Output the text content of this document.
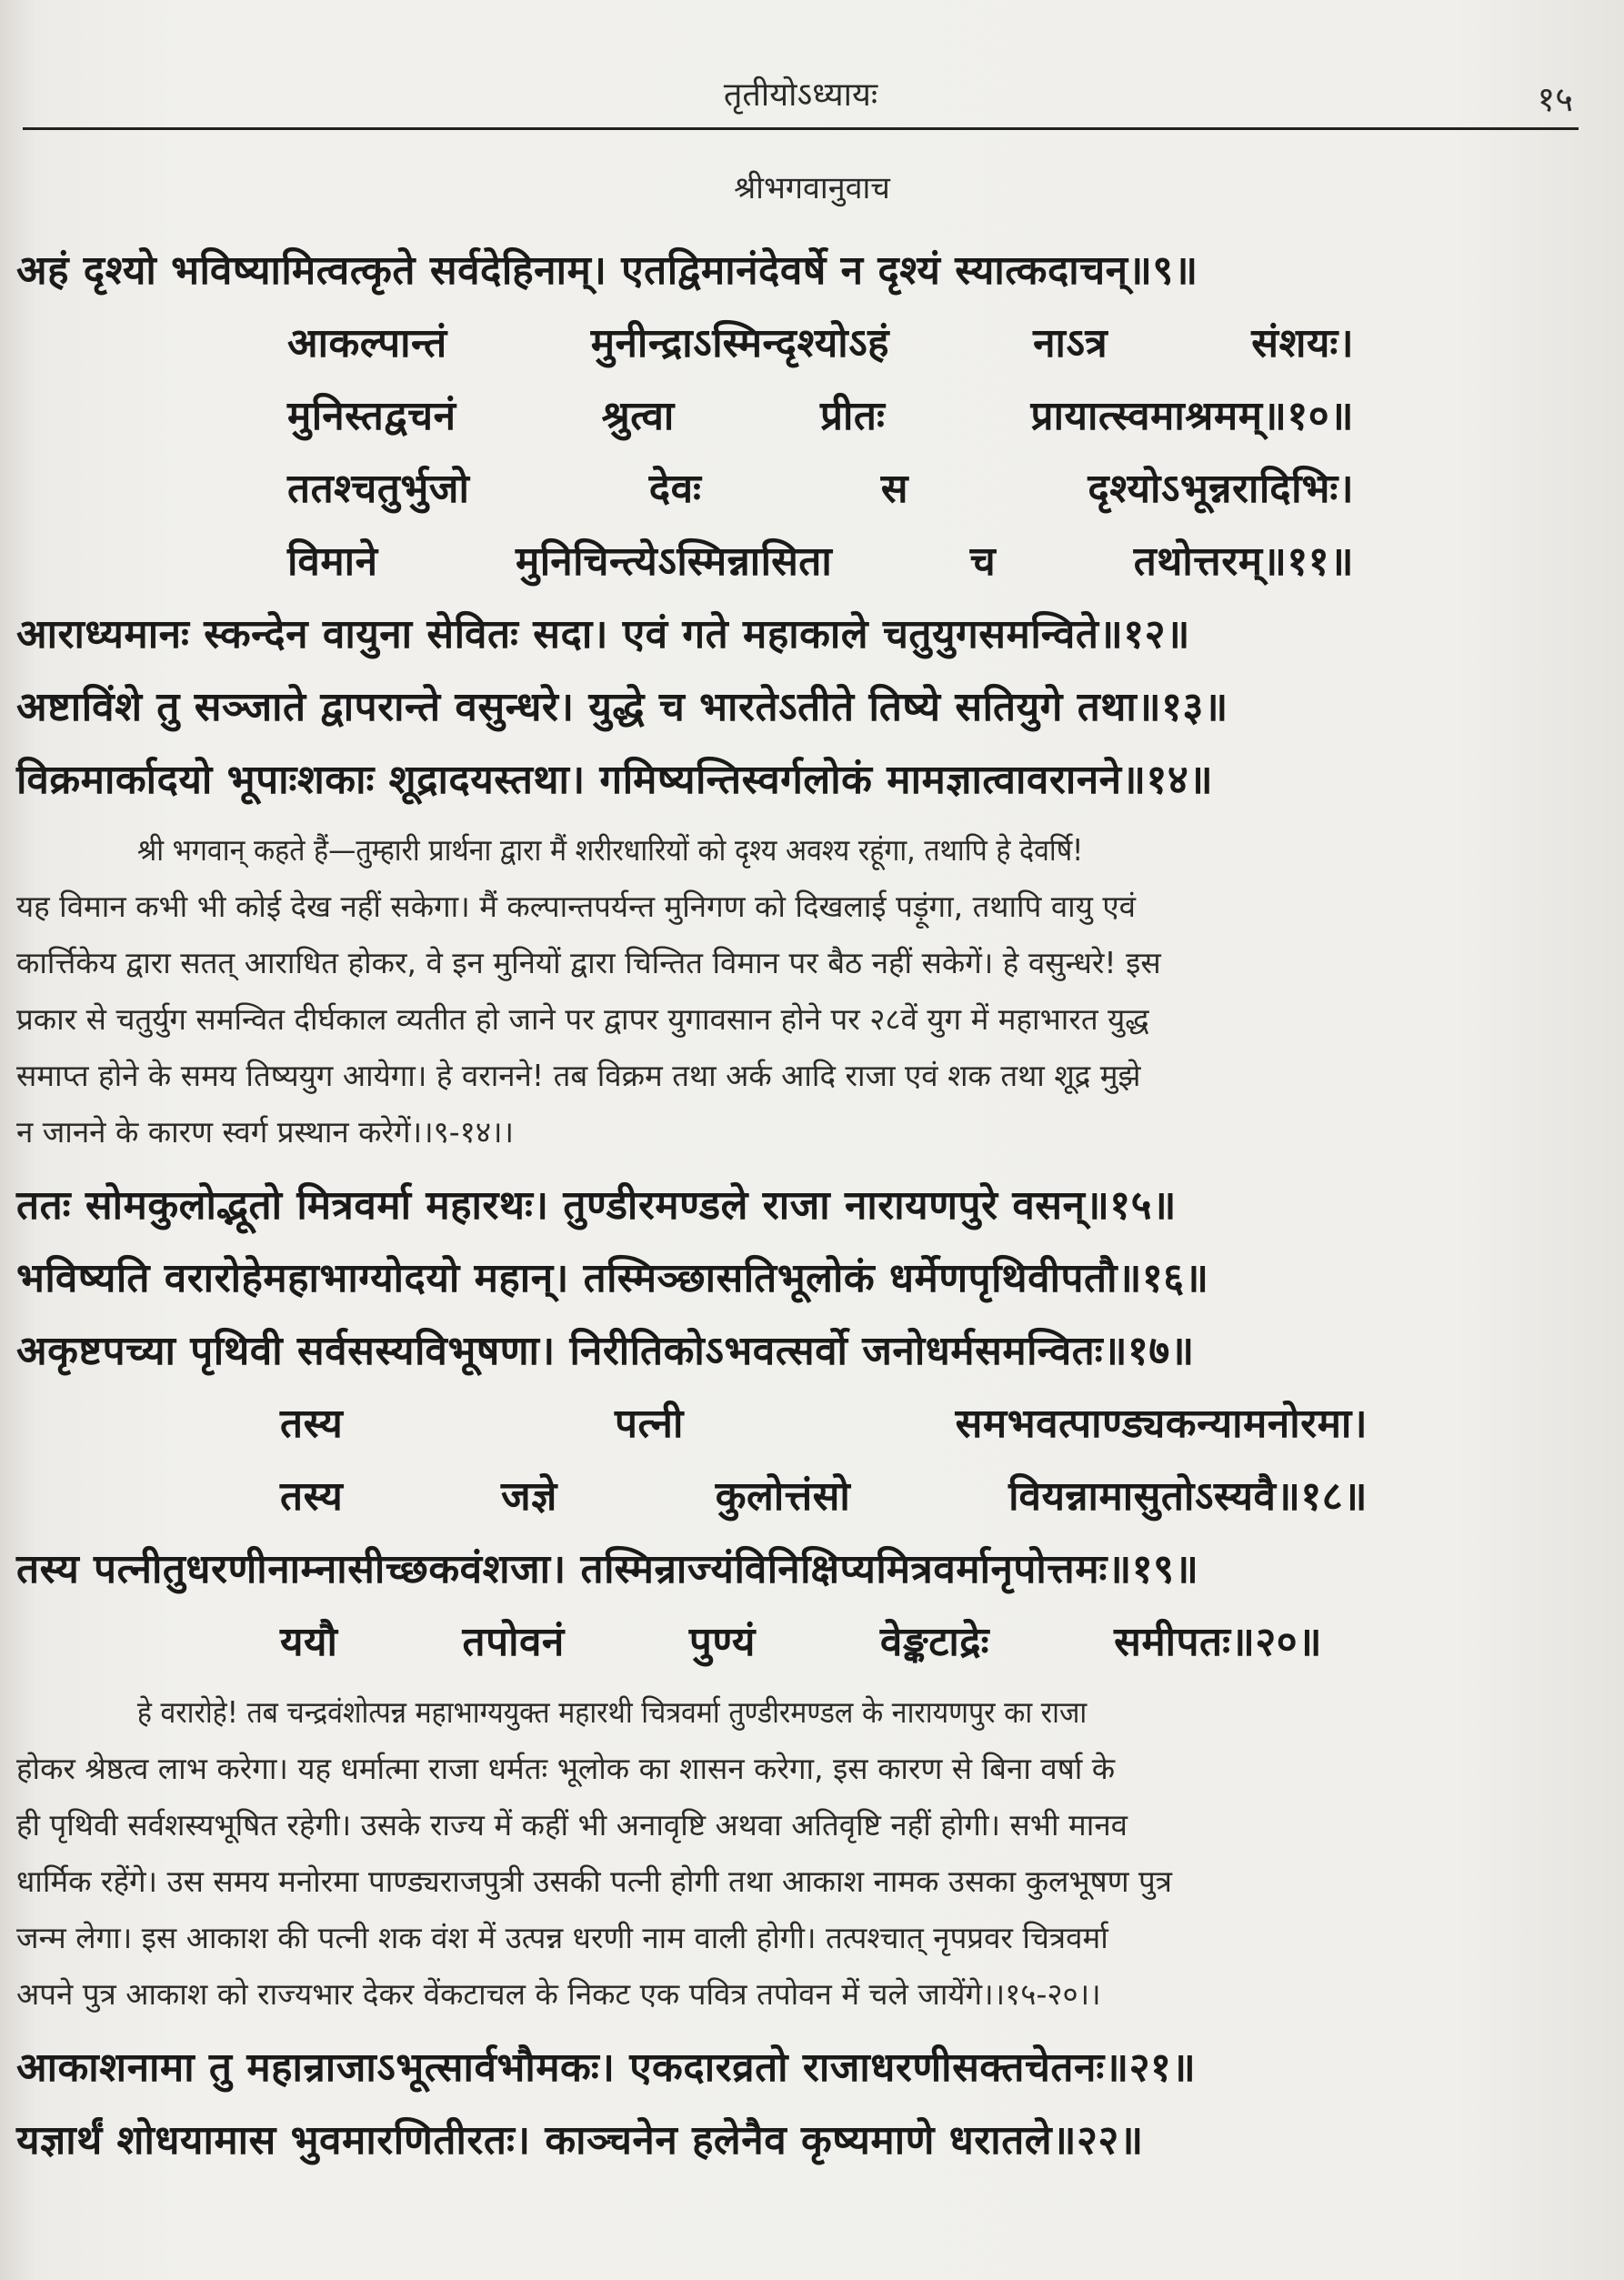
तृतीयोऽध्यायः	१५
श्रीभगवानुवाच
अहं दृश्यो भविष्यामित्वत्कृते सर्वदेहिनाम्। एतद्विमानंदेवर्षे न दृश्यं स्यात्कदाचन्॥९॥
आकल्पान्तं	मुनीन्द्राऽस्मिन्दृश्योऽहं	नाऽत्र	संशयः।
मुनिस्तद्वचनं	श्रुत्वा	प्रीतः	प्रायात्स्वमाश्रमम्॥१०॥
ततश्चतुर्भुजो	देवः	स	दृश्योऽभून्नरादिभिः।
विमाने	मुनिचिन्त्येऽस्मिन्नासिता	च	तथोत्तरम्॥११॥
आराध्यमानः स्कन्देन वायुना सेवितः सदा। एवं गते महाकाले चतुयुगसमन्विते॥१२॥
अष्टाविंशे तु सञ्जाते द्वापरान्ते वसुन्धरे। युद्धे च भारतेऽतीते तिष्ये सतियुगे तथा॥१३॥
विक्रमार्कादयो भूपाःशकाः शूद्रादयस्तथा। गमिष्यन्तिस्वर्गलोकं मामज्ञात्वावरानने॥१४॥
श्री भगवान् कहते हैं—तुम्हारी प्रार्थना द्वारा मैं शरीरधारियों को दृश्य अवश्य रहूंगा, तथापि हे देवर्षि!
यह विमान कभी भी कोई देख नहीं सकेगा। मैं कल्पान्तपर्यन्त मुनिगण को दिखलाई पड़ूंगा, तथापि वायु एवं
कार्त्तिकेय द्वारा सतत् आराधित होकर, वे इन मुनियों द्वारा चिन्तित विमान पर बैठ नहीं सकेगें। हे वसुन्धरे! इस
प्रकार से चतुर्युग समन्वित दीर्घकाल व्यतीत हो जाने पर द्वापर युगावसान होने पर २८वें युग में महाभारत युद्ध
समाप्त होने के समय तिष्ययुग आयेगा। हे वरानने! तब विक्रम तथा अर्क आदि राजा एवं शक तथा शूद्र मुझे
न जानने के कारण स्वर्ग प्रस्थान करेगें।।९-१४।।
ततः सोमकुलोद्भूतो मित्रवर्मा महारथः। तुण्डीरमण्डले राजा नारायणपुरे वसन्॥१५॥
भविष्यति वरारोहेमहाभाग्योदयो महान्। तस्मिञ्छासतिभूलोकं धर्मेणपृथिवीपतौ॥१६॥
अकृष्टपच्या पृथिवी सर्वसस्यविभूषणा। निरीतिकोऽभवत्सर्वो जनोधर्मसमन्वितः॥१७॥
तस्य	पत्नी	समभवत्पाण्ड्यकन्यामनोरमा।
तस्य	जज्ञे	कुलोत्तंसो	वियन्नामासुतोऽस्यवै॥१८॥
तस्य पत्नीतुधरणीनाम्नासीच्छकवंशजा। तस्मिन्राज्यंविनिक्षिप्यमित्रवर्मानृपोत्तमः॥१९॥
ययौ	तपोवनं	पुण्यं	वेङ्कटाद्रेः	समीपतः॥२०॥
हे वरारोहे! तब चन्द्रवंशोत्पन्न महाभाग्ययुक्त महारथी चित्रवर्मा तुण्डीरमण्डल के नारायणपुर का राजा
होकर श्रेष्ठत्व लाभ करेगा। यह धर्मात्मा राजा धर्मतः भूलोक का शासन करेगा, इस कारण से बिना वर्षा के
ही पृथिवी सर्वशस्यभूषित रहेगी। उसके राज्य में कहीं भी अनावृष्टि अथवा अतिवृष्टि नहीं होगी। सभी मानव
धार्मिक रहेंगे। उस समय मनोरमा पाण्ड्यराजपुत्री उसकी पत्नी होगी तथा आकाश नामक उसका कुलभूषण पुत्र
जन्म लेगा। इस आकाश की पत्नी शक वंश में उत्पन्न धरणी नाम वाली होगी। तत्पश्चात् नृपप्रवर चित्रवर्मा
अपने पुत्र आकाश को राज्यभार देकर वेंकटाचल के निकट एक पवित्र तपोवन में चले जायेंगे।।१५-२०।।
आकाशनामा तु महान्राजाऽभूत्सार्वभौमकः। एकदारव्रतो राजाधरणीसक्तचेतनः॥२१॥
यज्ञार्थं शोधयामास भुवमारणितीरतः। काञ्चनेन हलेनैव कृष्यमाणे धरातले॥२२॥
